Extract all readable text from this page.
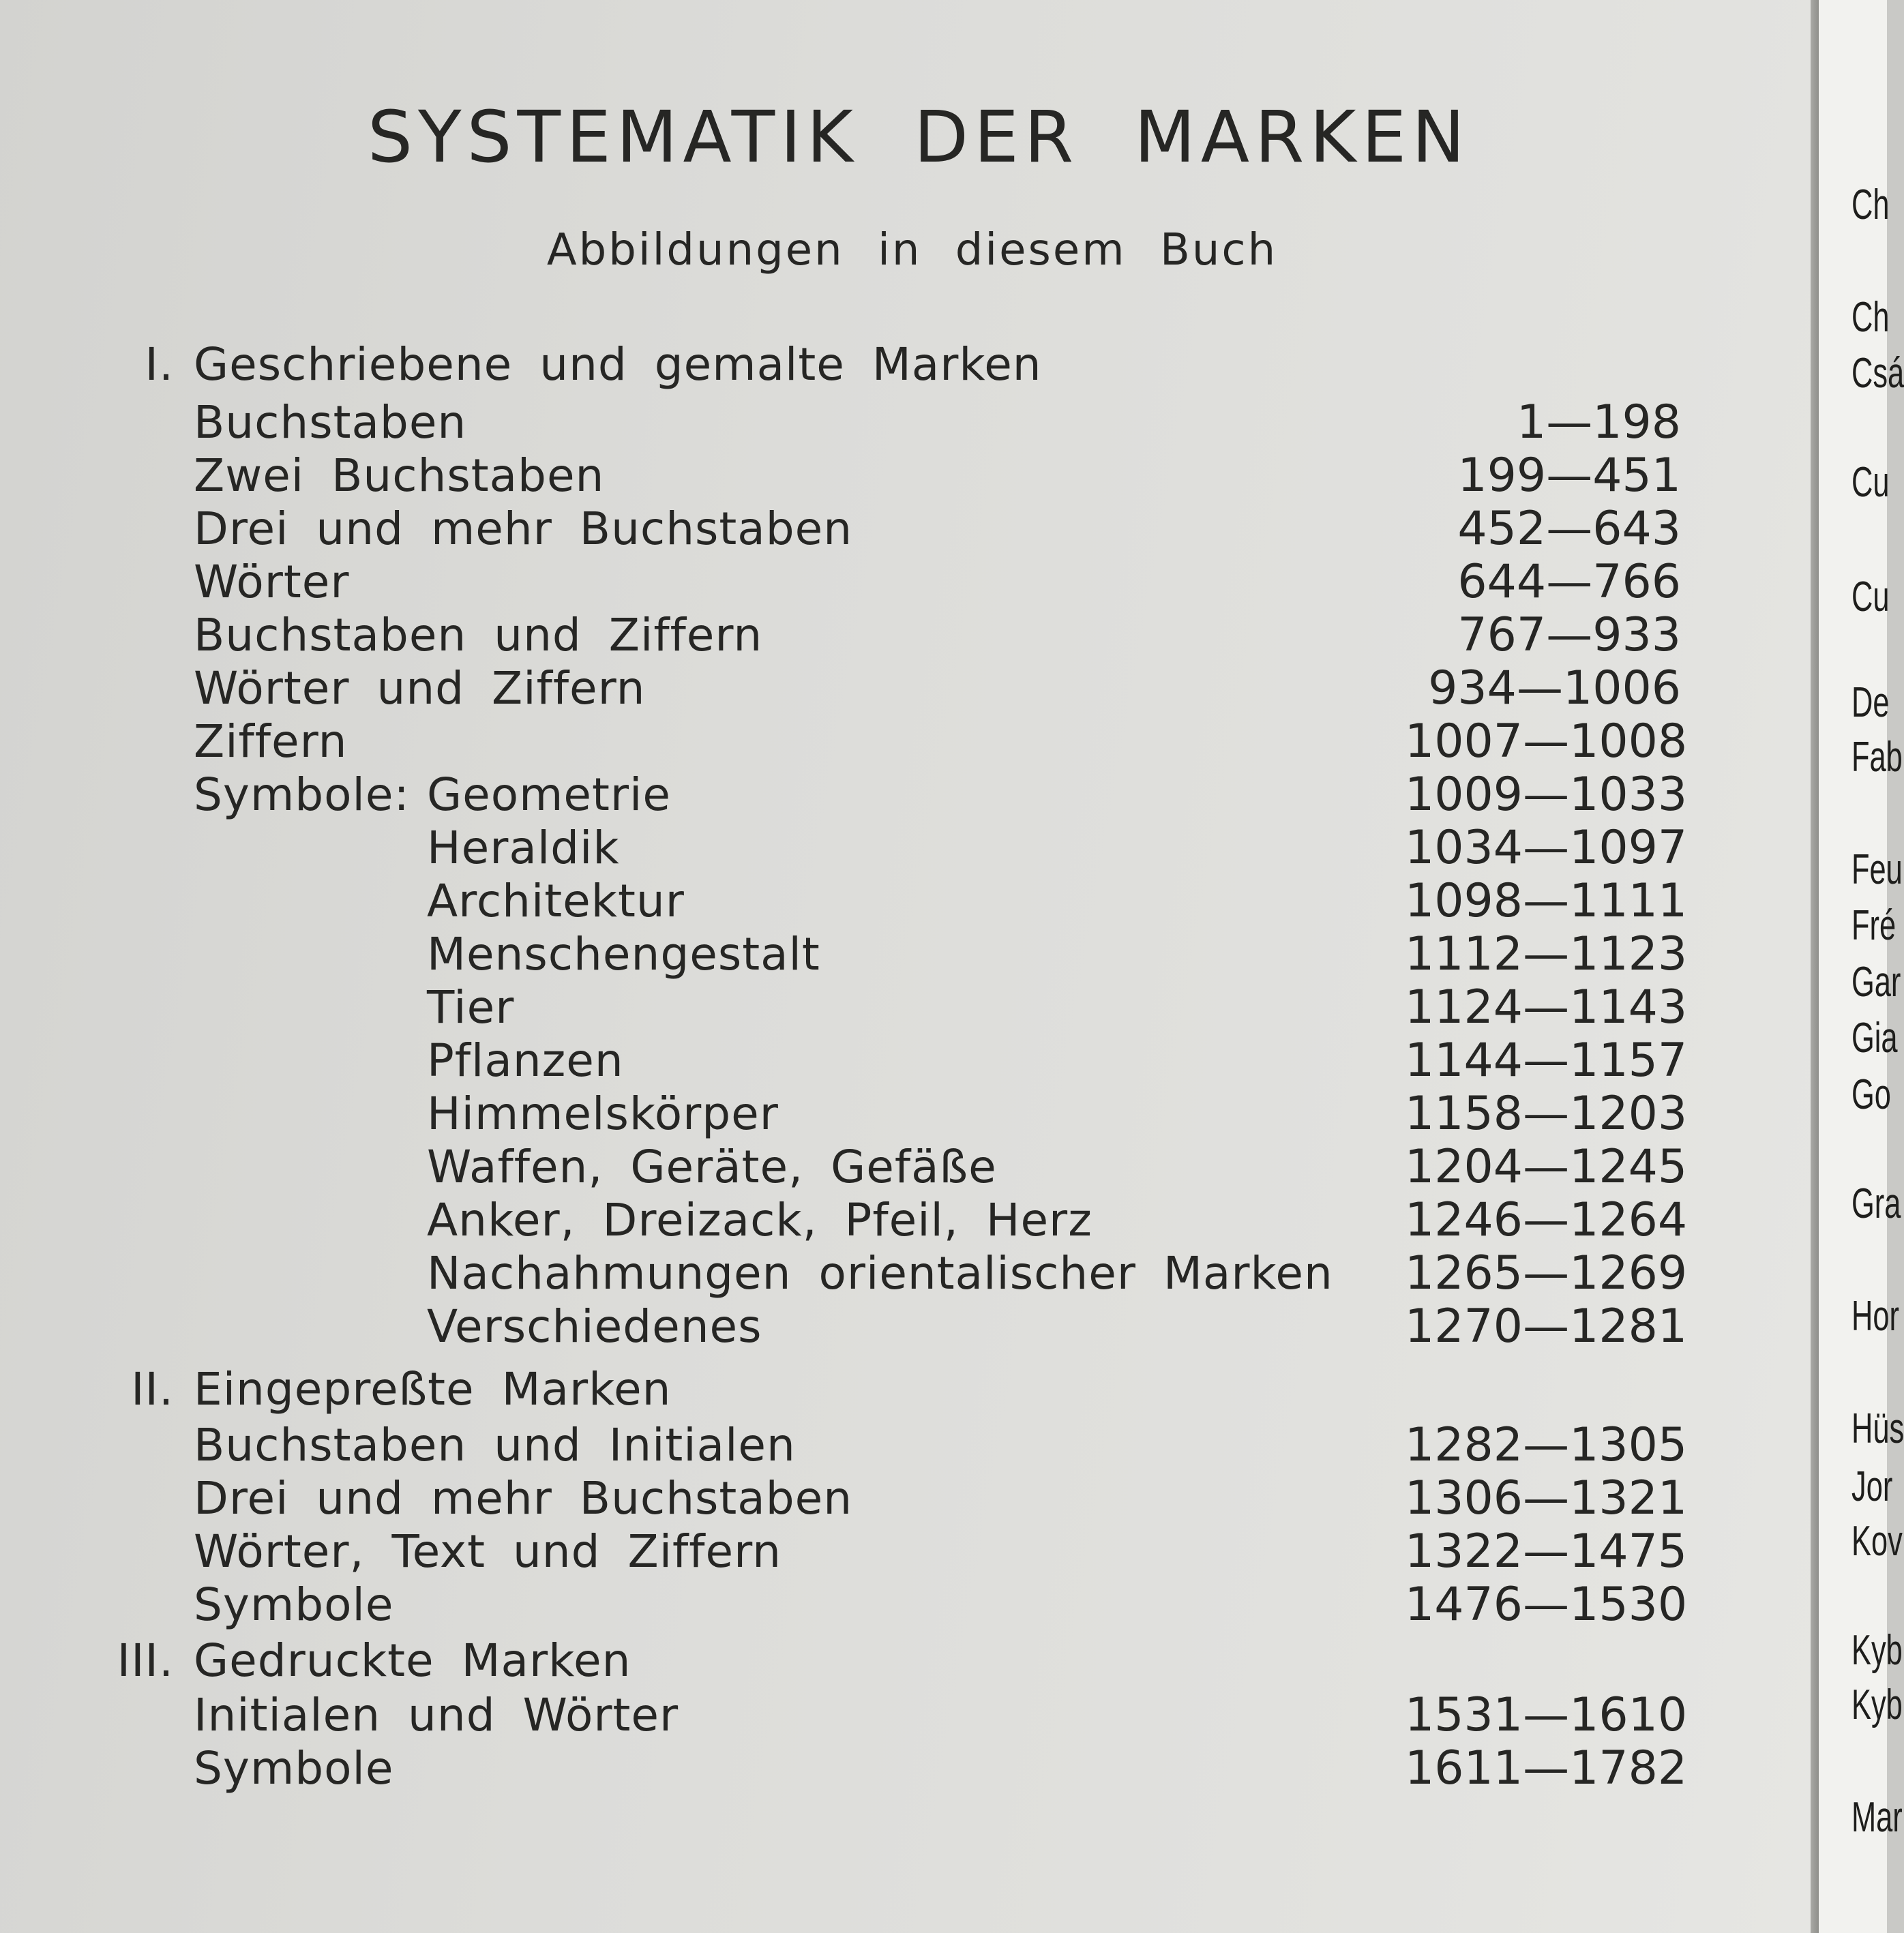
SYSTEMATIK DER MARKEN
Abbildungen in diesem Buch
I. Geschriebene und gemalte Marken
Buchstaben	1—198
Zwei Buchstaben	199—451
Drei und mehr Buchstaben	452—643
Wörter	644—766
Buchstaben und Ziffern	767—933
Wörter und Ziffern	934—1006
Ziffern	1007—1008
Symbole: Geometrie	1009—1033
Heraldik	1034—1097
Architektur	1098—1111
Menschengestalt	1112—1123
Tier	1124—1143
Pflanzen	1144—1157
Himmelskörper	1158—1203
Waffen, Geräte, Gefäße	1204—1245
Anker, Dreizack, Pfeil, Herz	1246—1264
Nachahmungen orientalischer Marken 1265—1269
Verschiedenes	1270—1281
II. Eingepreßte Marken
Buchstaben und Initialen	1282—1305
Drei und mehr Buchstaben	1306—1321
Wörter, Text und Ziffern	1322—1475
Symbole	1476—1530
III. Gedruckte Marken
Initialen und Wörter	1531—1610
Symbole	1611—1782
Ch
Ch
Csá
Cu
Cu
De
Fab
Feu
Fré
Gar
Gia
Go
Gra
Hor
Hüs
Jor
Kov
Kyb
Kyb
Mar
